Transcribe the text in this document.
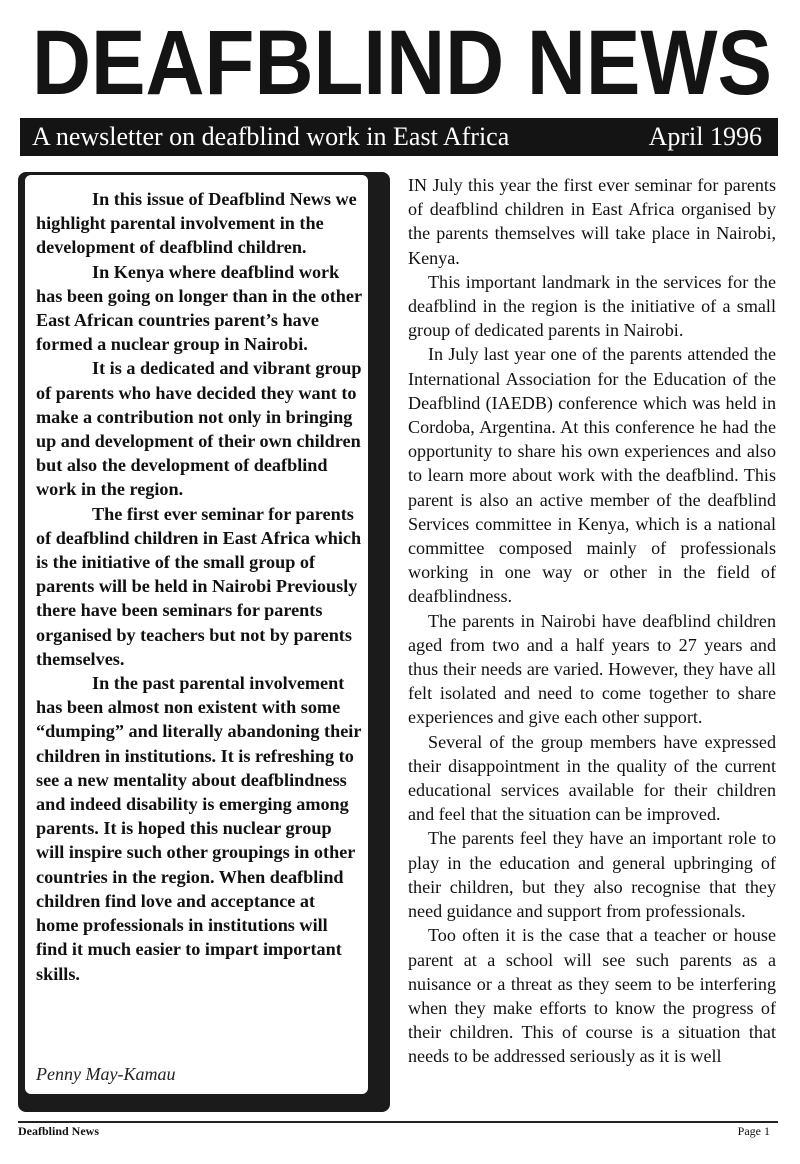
DEAFBLIND NEWS
A newsletter on deafblind work in East Africa	April 1996

In this issue of Deafblind News we highlight parental involvement in the development of deafblind children.

In Kenya where deafblind work has been going on longer than in the other East African countries parent’s have formed a nuclear group in Nairobi.

It is a dedicated and vibrant group of parents who have decided they want to make a contribution not only in bringing up and development of their own children but also the development of deafblind work in the region.

The first ever seminar for parents of deafblind children in East Africa which is the initiative of the small group of parents will be held in Nairobi Previously there have been seminars for parents organised by teachers but not by parents themselves.

In the past parental involvement has been almost non existent with some “dumping” and literally abandoning their children in institutions. It is refreshing to see a new mentality about deafblindness and indeed disability is emerging among parents. It is hoped this nuclear group will inspire such other groupings in other countries in the region. When deafblind children find love and acceptance at home professionals in institutions will find it much easier to impart important skills.

Penny May-Kamau

IN July this year the first ever seminar for parents of deafblind children in East Africa organised by the parents themselves will take place in Nairobi, Kenya.

This important landmark in the services for the deafblind in the region is the initiative of a small group of dedicated parents in Nairobi.

In July last year one of the parents attended the International Association for the Education of the Deafblind (IAEDB) conference which was held in Cordoba, Argentina. At this conference he had the opportunity to share his own experiences and also to learn more about work with the deafblind. This parent is also an active member of the deafblind Services committee in Kenya, which is a national committee composed mainly of professionals working in one way or other in the field of deafblindness.

The parents in Nairobi have deafblind children aged from two and a half years to 27 years and thus their needs are varied. However, they have all felt isolated and need to come together to share experiences and give each other support.

Several of the group members have expressed their disappointment in the quality of the current educational services available for their children and feel that the situation can be improved.

The parents feel they have an important role to play in the education and general upbringing of their children, but they also recognise that they need guidance and support from professionals.

Too often it is the case that a teacher or house parent at a school will see such parents as a nuisance or a threat as they seem to be interfering when they make efforts to know the progress of their children. This of course is a situation that needs to be addressed seriously as it is well

Deafblind News	Page 1
